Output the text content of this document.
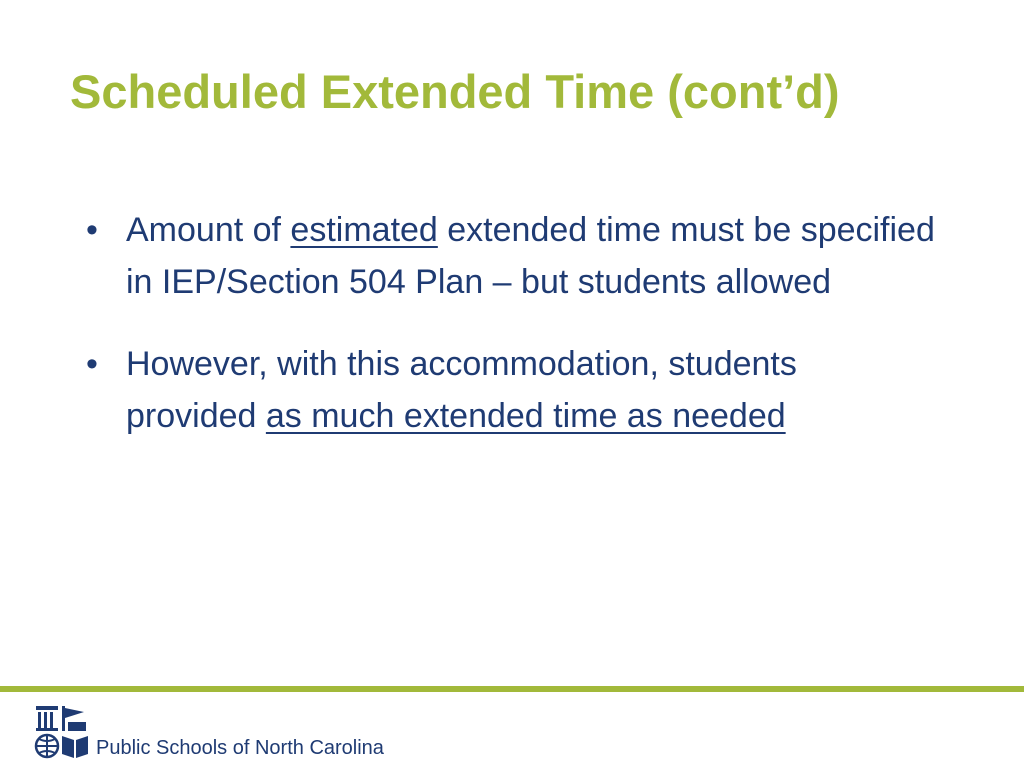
Scheduled Extended Time (cont’d)
• Amount of estimated extended time must be specified in IEP/Section 504 Plan – but students allowed
• However, with this accommodation, students provided as much extended time as needed
Public Schools of North Carolina
